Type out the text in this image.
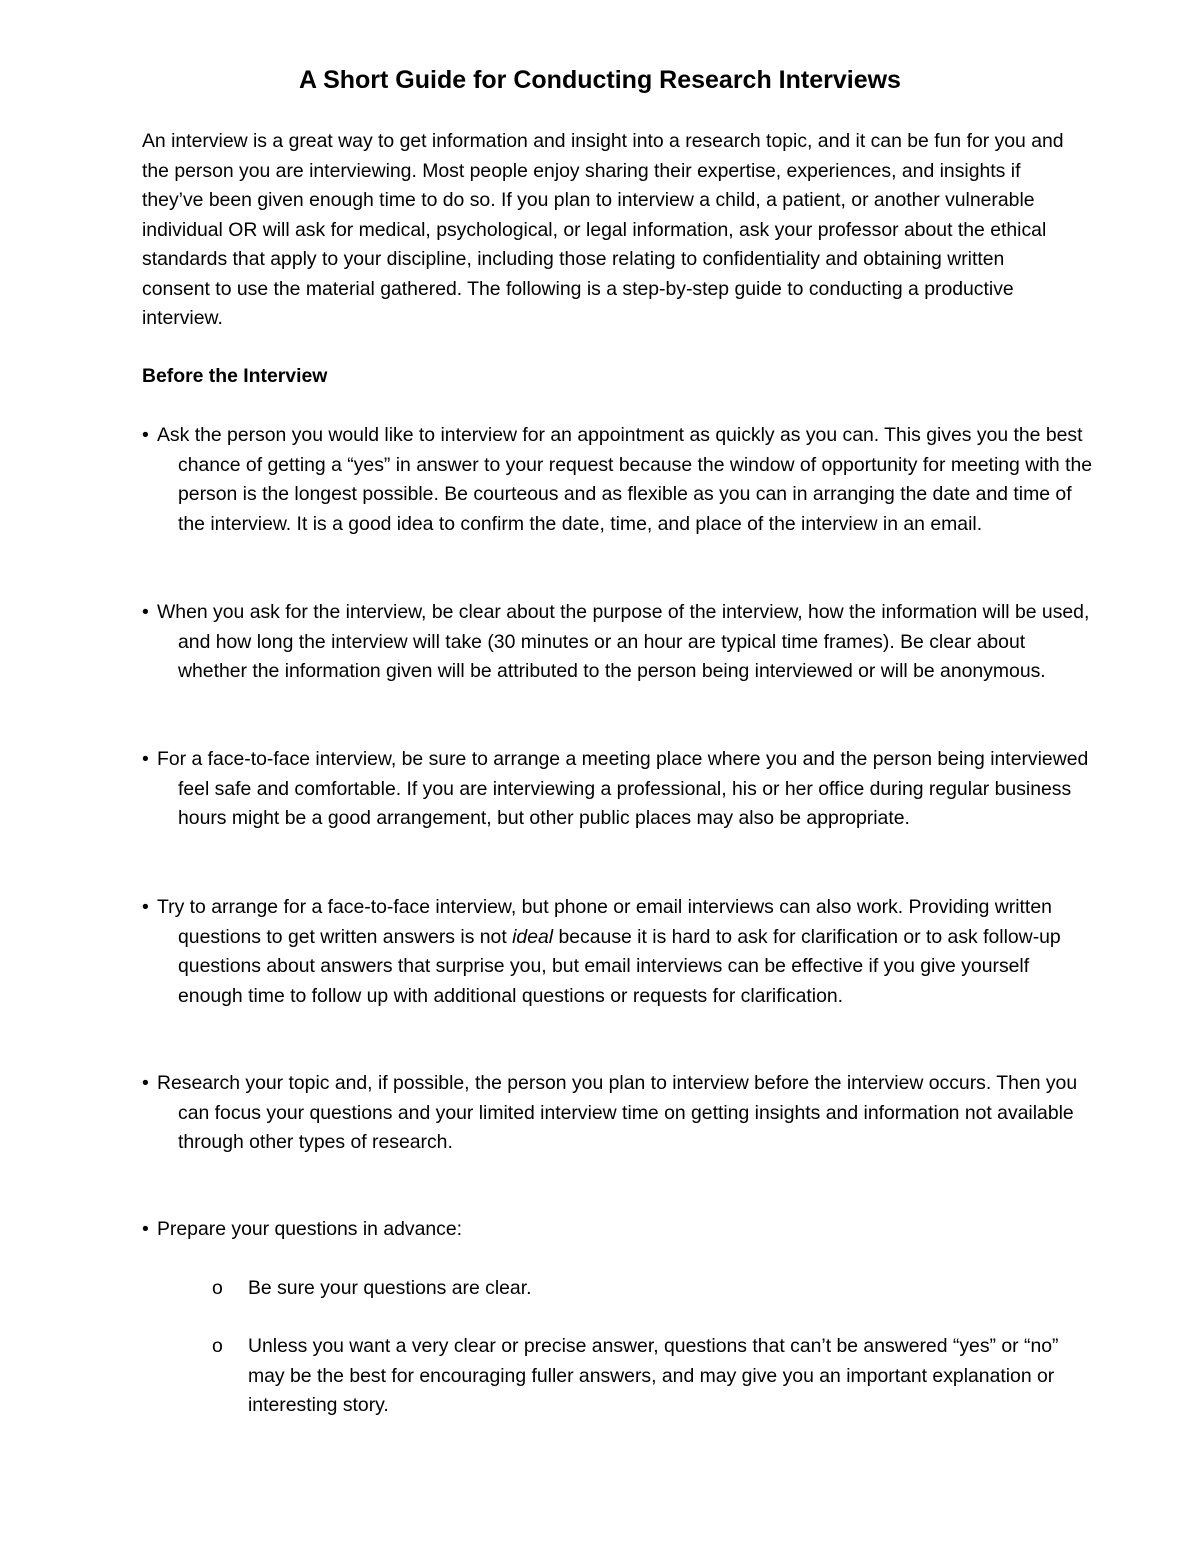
A Short Guide for Conducting Research Interviews

An interview is a great way to get information and insight into a research topic, and it can be fun for you and the person you are interviewing. Most people enjoy sharing their expertise, experiences, and insights if they’ve been given enough time to do so. If you plan to interview a child, a patient, or another vulnerable individual OR will ask for medical, psychological, or legal information, ask your professor about the ethical standards that apply to your discipline, including those relating to confidentiality and obtaining written consent to use the material gathered. The following is a step-by-step guide to conducting a productive interview.

Before the Interview

• Ask the person you would like to interview for an appointment as quickly as you can. This gives you the best chance of getting a “yes” in answer to your request because the window of opportunity for meeting with the person is the longest possible. Be courteous and as flexible as you can in arranging the date and time of the interview. It is a good idea to confirm the date, time, and place of the interview in an email.

• When you ask for the interview, be clear about the purpose of the interview, how the information will be used, and how long the interview will take (30 minutes or an hour are typical time frames). Be clear about whether the information given will be attributed to the person being interviewed or will be anonymous.

• For a face-to-face interview, be sure to arrange a meeting place where you and the person being interviewed feel safe and comfortable. If you are interviewing a professional, his or her office during regular business hours might be a good arrangement, but other public places may also be appropriate.

• Try to arrange for a face-to-face interview, but phone or email interviews can also work. Providing written questions to get written answers is not ideal because it is hard to ask for clarification or to ask follow-up questions about answers that surprise you, but email interviews can be effective if you give yourself enough time to follow up with additional questions or requests for clarification.

• Research your topic and, if possible, the person you plan to interview before the interview occurs. Then you can focus your questions and your limited interview time on getting insights and information not available through other types of research.

• Prepare your questions in advance:

o	Be sure your questions are clear.
o	Unless you want a very clear or precise answer, questions that can’t be answered “yes” or “no” may be the best for encouraging fuller answers, and may give you an important explanation or interesting story.
